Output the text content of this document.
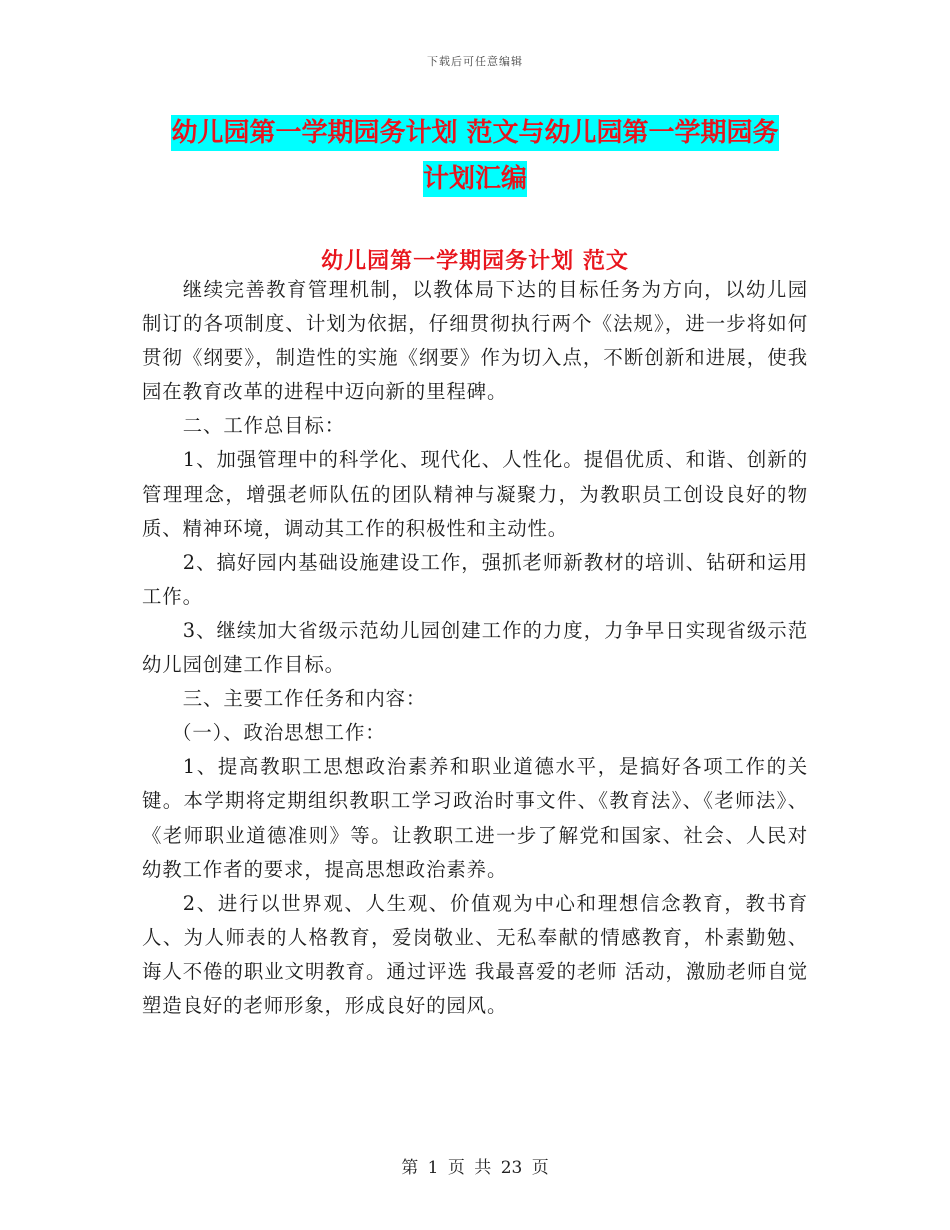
下载后可任意编辑
幼儿园第一学期园务计划 范文与幼儿园第一学期园务
计划汇编
幼儿园第一学期园务计划 范文

继续完善教育管理机制，以教体局下达的目标任务为方向，以幼儿园制订的各项制度、计划为依据，仔细贯彻执行两个《法规》，进一步将如何贯彻《纲要》，制造性的实施《纲要》作为切入点，不断创新和进展，使我园在教育改革的进程中迈向新的里程碑。

二、工作总目标：

1、加强管理中的科学化、现代化、人性化。提倡优质、和谐、创新的管理理念，增强老师队伍的团队精神与凝聚力，为教职员工创设良好的物质、精神环境，调动其工作的积极性和主动性。

2、搞好园内基础设施建设工作，强抓老师新教材的培训、钻研和运用工作。

3、继续加大省级示范幼儿园创建工作的力度，力争早日实现省级示范幼儿园创建工作目标。

三、主要工作任务和内容：

（一）、政治思想工作：

1、提高教职工思想政治素养和职业道德水平，是搞好各项工作的关键。本学期将定期组织教职工学习政治时事文件、《教育法》、《老师法》、《老师职业道德准则》等。让教职工进一步了解党和国家、社会、人民对幼教工作者的要求，提高思想政治素养。

2、进行以世界观、人生观、价值观为中心和理想信念教育，教书育人、为人师表的人格教育，爱岗敬业、无私奉献的情感教育，朴素勤勉、诲人不倦的职业文明教育。通过评选 我最喜爱的老师 活动，激励老师自觉塑造良好的老师形象，形成良好的园风。

第 1 页 共 23 页
